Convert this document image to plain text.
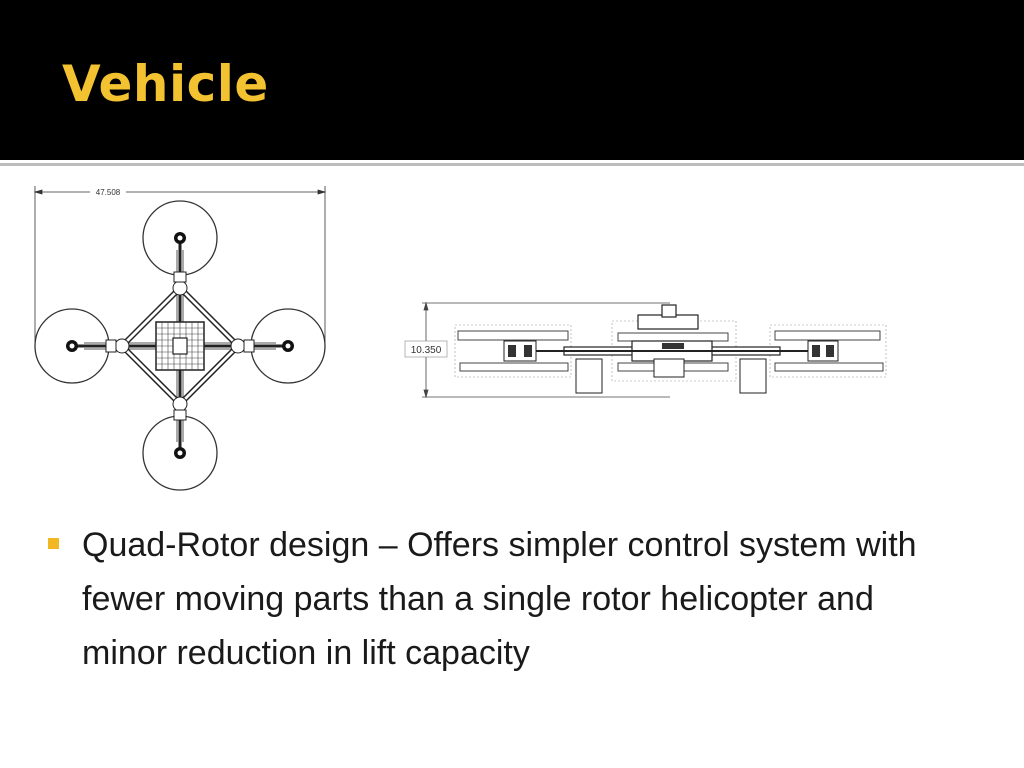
Vehicle
47.508
10.350
Quad-Rotor design – Offers simpler control system with fewer moving parts than a single rotor helicopter and minor reduction in lift capacity
